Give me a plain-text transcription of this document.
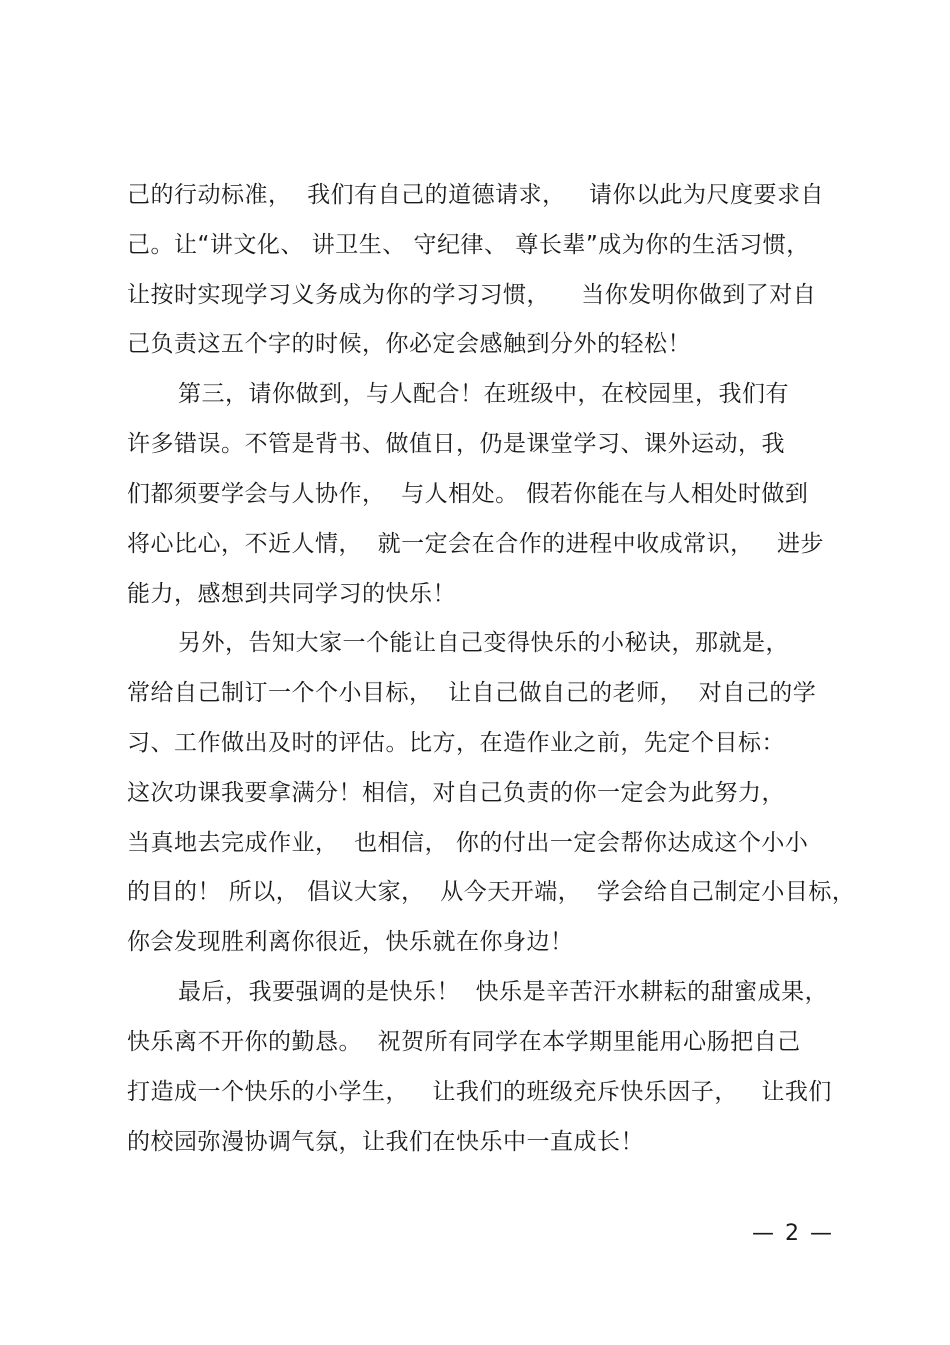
己的行动标准，  我们有自己的道德请求，   请你以此为尺度要求自
己。让“讲文化、 讲卫生、 守纪律、 尊长辈”成为你的生活习惯，
让按时实现学习义务成为你的学习习惯，    当你发明你做到了对自
己负责这五个字的时候，你必定会感触到分外的轻松！
第三，请你做到，与人配合！在班级中，在校园里，我们有
许多错误。不管是背书、做值日，仍是课堂学习、课外运动，我
们都须要学会与人协作，  与人相处。 假若你能在与人相处时做到
将心比心，不近人情，  就一定会在合作的进程中收成常识，   进步
能力，感想到共同学习的快乐！
另外，告知大家一个能让自己变得快乐的小秘诀，那就是，
常给自己制订一个个小目标，  让自己做自己的老师，  对自己的学
习、工作做出及时的评估。比方，在造作业之前，先定个目标：
这次功课我要拿满分！相信，对自己负责的你一定会为此努力，
当真地去完成作业，  也相信， 你的付出一定会帮你达成这个小小
的目的！ 所以， 倡议大家，  从今天开端，  学会给自己制定小目标，
你会发现胜利离你很近，快乐就在你身边！
最后，我要强调的是快乐！  快乐是辛苦汗水耕耘的甜蜜成果，
快乐离不开你的勤恳。  祝贺所有同学在本学期里能用心肠把自己
打造成一个快乐的小学生，   让我们的班级充斥快乐因子，   让我们
的校园弥漫协调气氛，让我们在快乐中一直成长！
— 2 —
